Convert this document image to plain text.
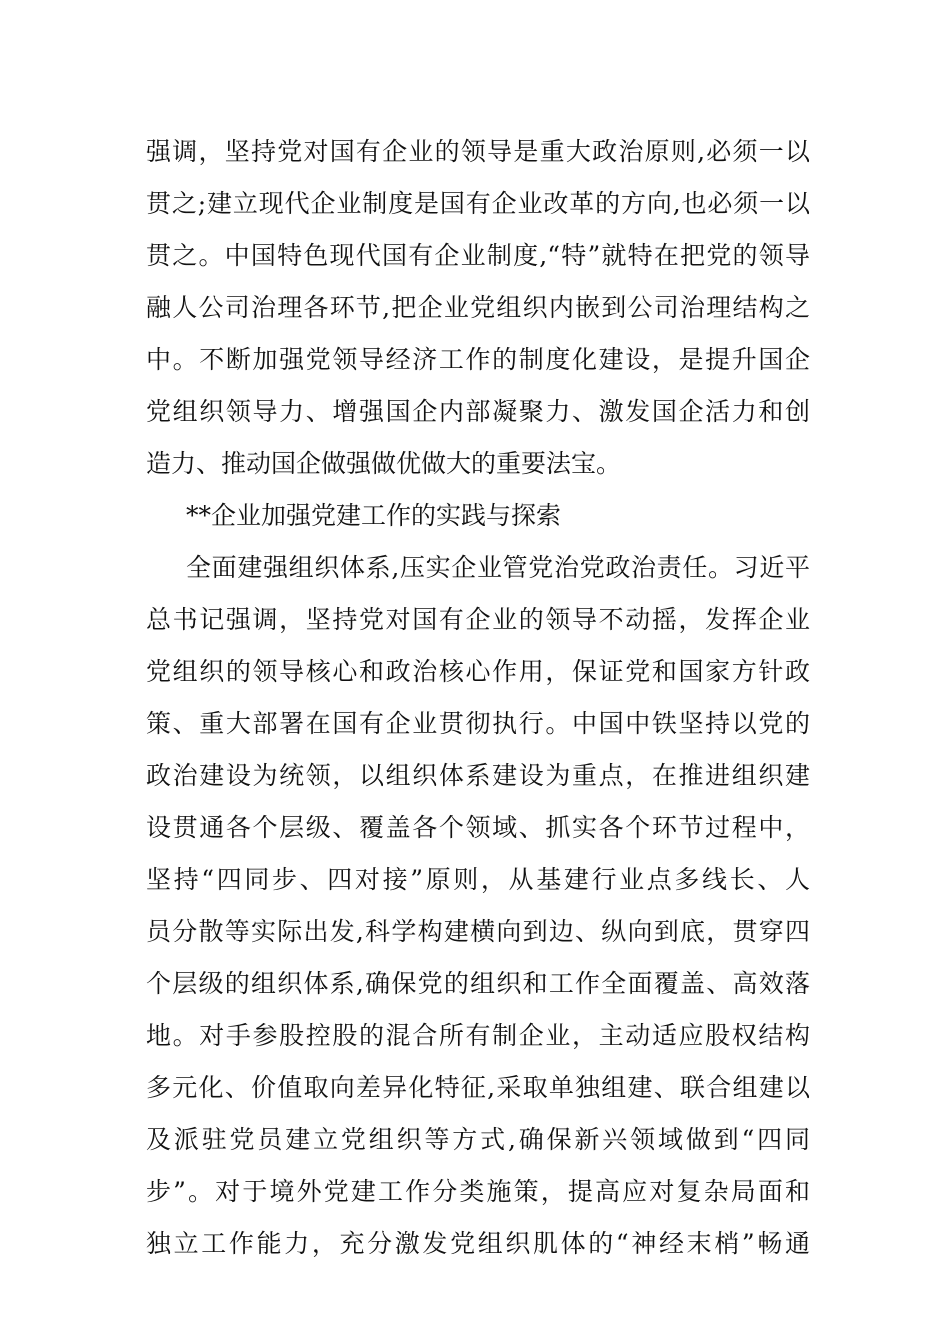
强调，坚持党对国有企业的领导是重大政治原则,必须一以
贯之;建立现代企业制度是国有企业改革的方向,也必须一以
贯之。中国特色现代国有企业制度,“特”就特在把党的领导
融人公司治理各环节,把企业党组织内嵌到公司治理结构之
中。不断加强党领导经济工作的制度化建设，是提升国企
党组织领导力、增强国企内部凝聚力、激发国企活力和创
造力、推动国企做强做优做大的重要法宝。
**企业加强党建工作的实践与探索
全面建强组织体系,压实企业管党治党政治责任。习近平
总书记强调，坚持党对国有企业的领导不动摇，发挥企业
党组织的领导核心和政治核心作用，保证党和国家方针政
策、重大部署在国有企业贯彻执行。中国中铁坚持以党的
政治建设为统领，以组织体系建设为重点，在推进组织建
设贯通各个层级、覆盖各个领域、抓实各个环节过程中，
坚持“四同步、四对接”原则，从基建行业点多线长、人
员分散等实际出发,科学构建横向到边、纵向到底，贯穿四
个层级的组织体系,确保党的组织和工作全面覆盖、高效落
地。对手参股控股的混合所有制企业，主动适应股权结构
多元化、价值取向差异化特征,采取单独组建、联合组建以
及派驻党员建立党组织等方式,确保新兴领域做到“四同
步”。对于境外党建工作分类施策，提高应对复杂局面和
独立工作能力，充分激发党组织肌体的“神经末梢”畅通
